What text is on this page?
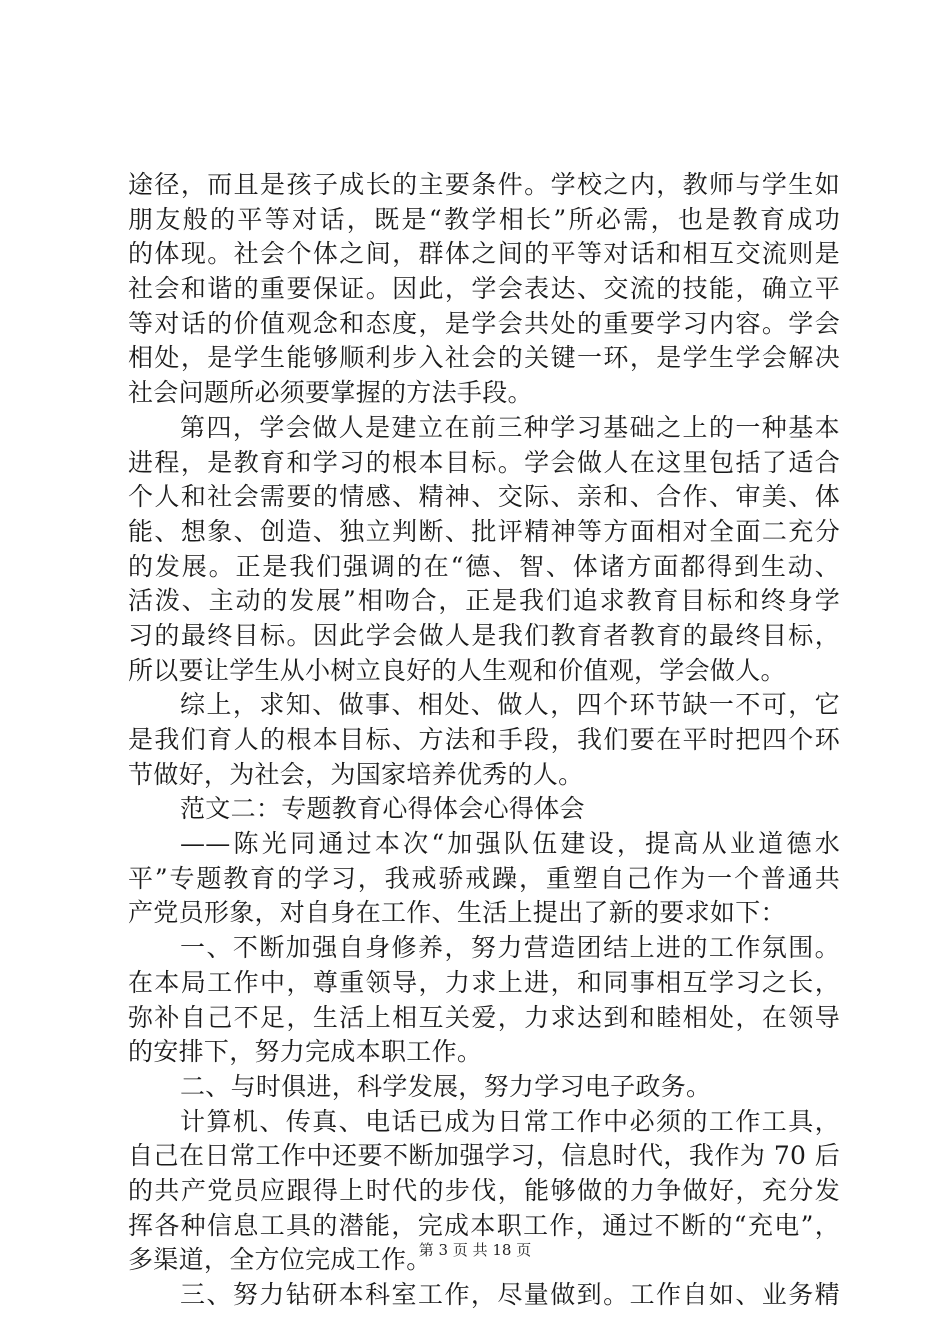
途径，而且是孩子成长的主要条件。学校之内，教师与学生如
朋友般的平等对话，既是“教学相长”所必需，也是教育成功
的体现。社会个体之间，群体之间的平等对话和相互交流则是
社会和谐的重要保证。因此，学会表达、交流的技能，确立平
等对话的价值观念和态度，是学会共处的重要学习内容。学会
相处，是学生能够顺利步入社会的关键一环，是学生学会解决
社会问题所必须要掌握的方法手段。
第四，学会做人是建立在前三种学习基础之上的一种基本
进程，是教育和学习的根本目标。学会做人在这里包括了适合
个人和社会需要的情感、精神、交际、亲和、合作、审美、体
能、想象、创造、独立判断、批评精神等方面相对全面二充分
的发展。正是我们强调的在“德、智、体诸方面都得到生动、
活泼、主动的发展”相吻合，正是我们追求教育目标和终身学
习的最终目标。因此学会做人是我们教育者教育的最终目标，
所以要让学生从小树立良好的人生观和价值观，学会做人。
综上，求知、做事、相处、做人，四个环节缺一不可，它
是我们育人的根本目标、方法和手段，我们要在平时把四个环
节做好，为社会，为国家培养优秀的人。
范文二：专题教育心得体会心得体会
——陈光同通过本次“加强队伍建设，提高从业道德水
平”专题教育的学习，我戒骄戒躁，重塑自己作为一个普通共
产党员形象，对自身在工作、生活上提出了新的要求如下：
一、不断加强自身修养，努力营造团结上进的工作氛围。
在本局工作中，尊重领导，力求上进，和同事相互学习之长，
弥补自己不足，生活上相互关爱，力求达到和睦相处，在领导
的安排下，努力完成本职工作。
二、与时俱进，科学发展，努力学习电子政务。
计算机、传真、电话已成为日常工作中必须的工作工具，
自己在日常工作中还要不断加强学习，信息时代，我作为 70 后
的共产党员应跟得上时代的步伐，能够做的力争做好，充分发
挥各种信息工具的潜能，完成本职工作，通过不断的“充电”，
多渠道，全方位完成工作。
三、努力钻研本科室工作，尽量做到。工作自如、业务精
第 3 页 共 18 页
